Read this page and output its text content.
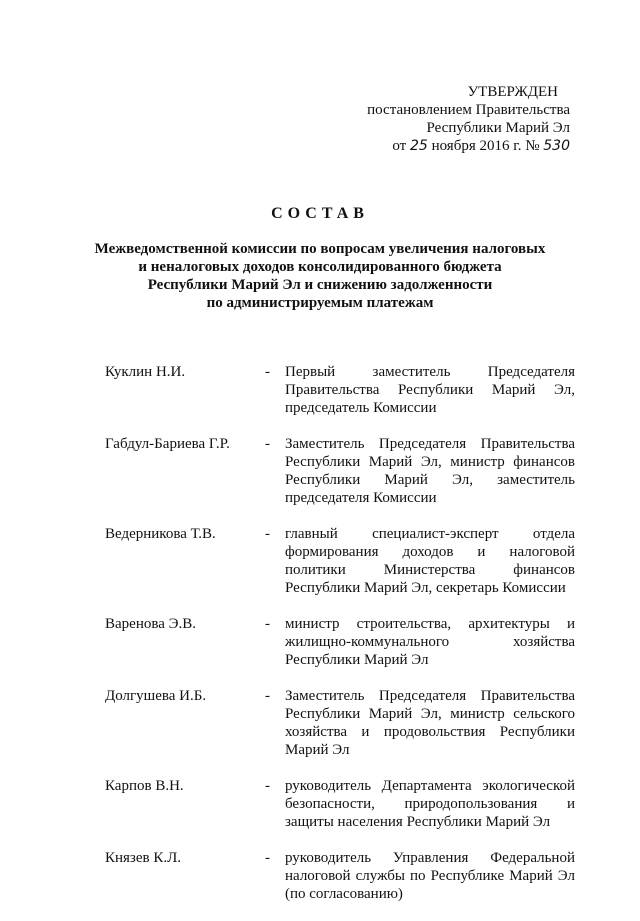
УТВЕРЖДЕН
постановлением Правительства
Республики Марий Эл
от 25 ноября 2016 г. № 530
СОСТАВ
Межведомственной комиссии по вопросам увеличения налоговых
и неналоговых доходов консолидированного бюджета
Республики Марий Эл и снижению задолженности
по администрируемым платежам
Куклин Н.И.	-	Первый заместитель Председателя Правительства Республики Марий Эл, председатель Комиссии
Габдул-Бариева Г.Р.	-	Заместитель Председателя Правительства Республики Марий Эл, министр финансов Республики Марий Эл, заместитель председателя Комиссии
Ведерникова Т.В.	-	главный специалист-эксперт отдела формирования доходов и налоговой политики Министерства финансов Республики Марий Эл, секретарь Комиссии
Варенова Э.В.	-	министр строительства, архитектуры и жилищно-коммунального хозяйства Республики Марий Эл
Долгушева И.Б.	-	Заместитель Председателя Правительства Республики Марий Эл, министр сельского хозяйства и продовольствия Республики Марий Эл
Карпов В.Н.	-	руководитель Департамента экологической безопасности, природопользования и защиты населения Республики Марий Эл
Князев К.Л.	-	руководитель Управления Федеральной налоговой службы по Республике Марий Эл (по согласованию)
